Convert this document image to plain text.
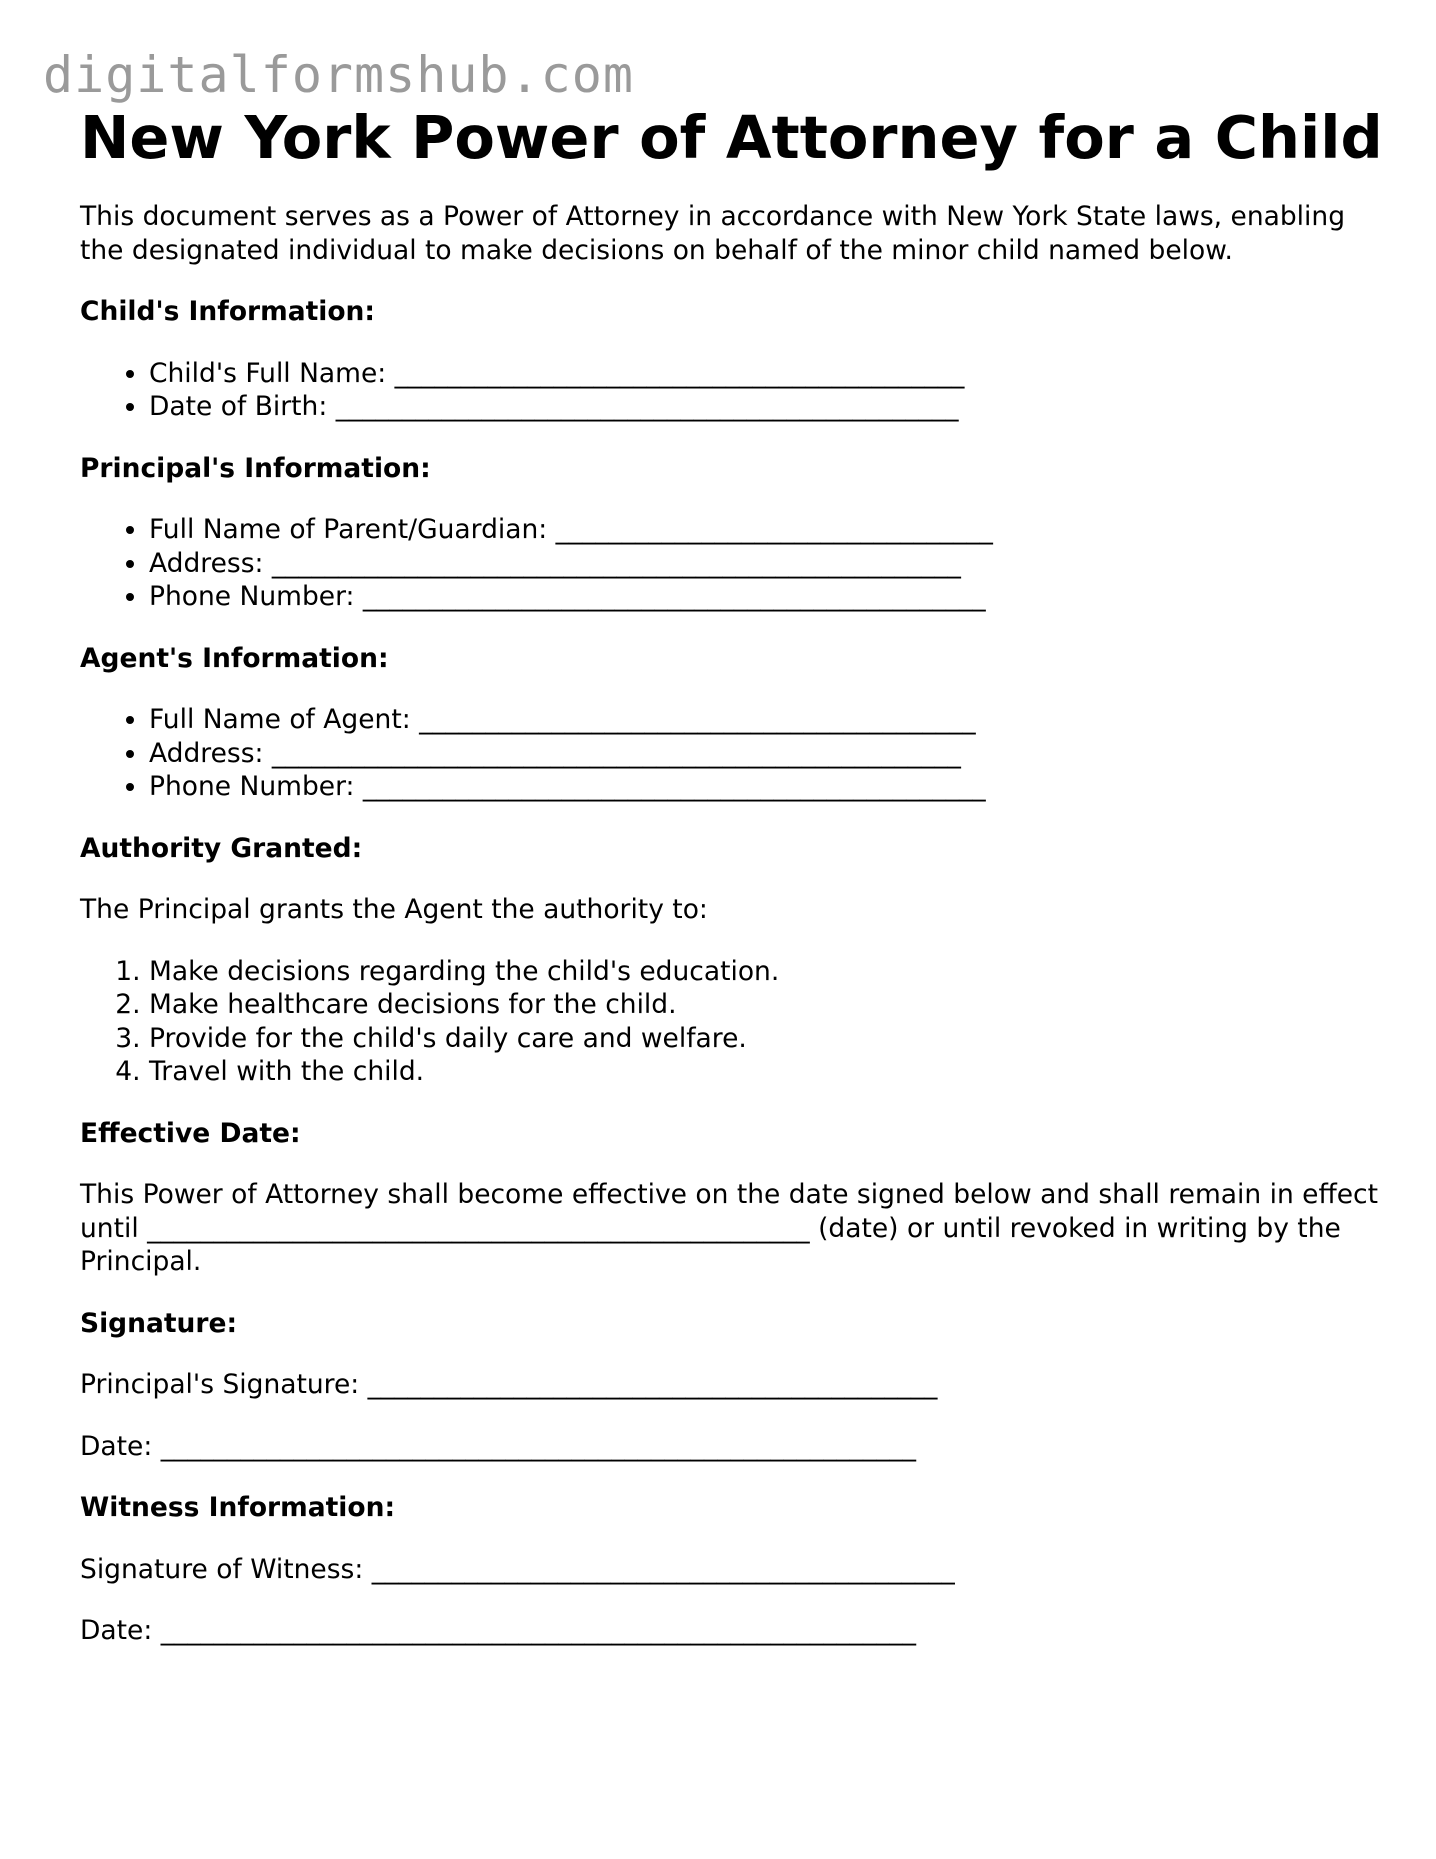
digitalformshub.com
New York Power of Attorney for a Child

This document serves as a Power of Attorney in accordance with New York State laws, enabling the designated individual to make decisions on behalf of the minor child named below.

Child's Information:
• Child's Full Name: ___________________________________________
• Date of Birth: _______________________________________________
Principal's Information:
• Full Name of Parent/Guardian: _________________________________
• Address: ____________________________________________________
• Phone Number: _______________________________________________
Agent's Information:
• Full Name of Agent: __________________________________________
• Address: ____________________________________________________
• Phone Number: _______________________________________________
Authority Granted:

The Principal grants the Agent the authority to:

1. Make decisions regarding the child's education.
2. Make healthcare decisions for the child.
3. Provide for the child's daily care and welfare.
4. Travel with the child.
Effective Date:

This Power of Attorney shall become effective on the date signed below and shall remain in effect until __________________________________________________ (date) or until revoked in writing by the Principal.

Signature:

Principal's Signature: ___________________________________________

Date: _________________________________________________________

Witness Information:

Signature of Witness: ____________________________________________

Date: _________________________________________________________
